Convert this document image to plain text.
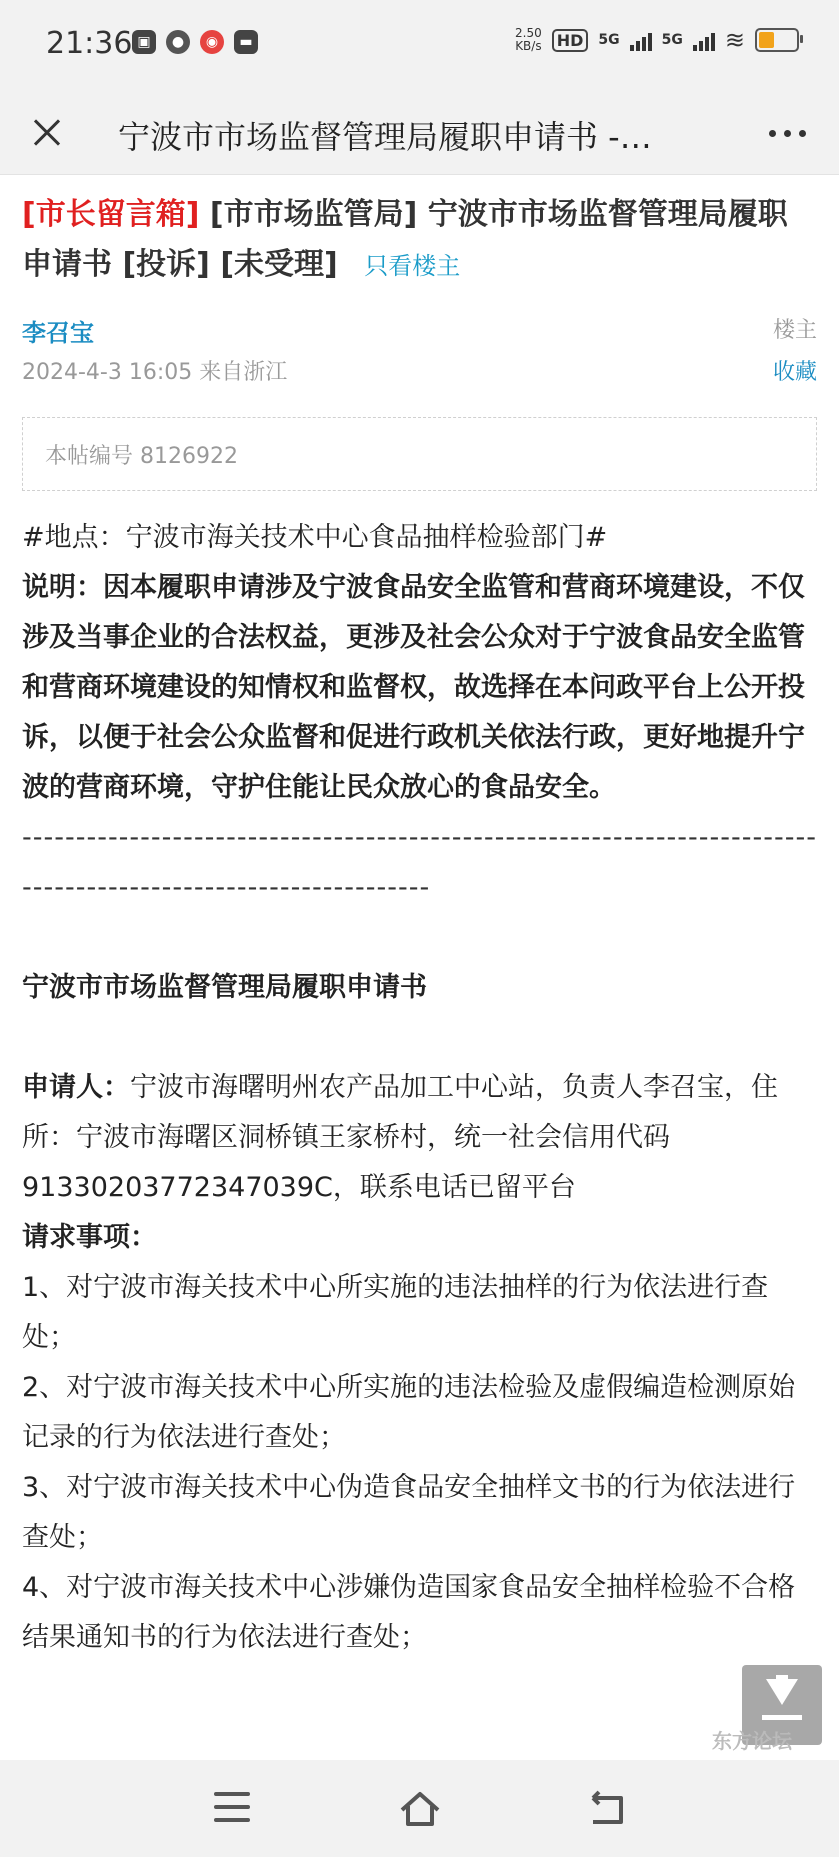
21:36 ▣	●	◉	▬
2.50
KB/s HD	5G	5G ≋
宁波市市场监督管理局履职申请书 -…
[市长留言箱] [市市场监管局] 宁波市市场监督管理局履职申请书 [投诉] [未受理] 只看楼主
李召宝
2024-4-3 16:05 来自浙江
楼主
收藏
本帖编号 8126922

#地点：宁波市海关技术中心食品抽样检验部门#

说明：因本履职申请涉及宁波食品安全监管和营商环境建设，不仅涉及当事企业的合法权益，更涉及社会公众对于宁波食品安全监管和营商环境建设的知情权和监督权，故选择在本问政平台上公开投诉，以便于社会公众监督和促进行政机关依法行政，更好地提升宁波的营商环境，守护住能让民众放心的食品安全。

----------------------------------------------------------------------------------------------------------------

宁波市市场监督管理局履职申请书

申请人：宁波市海曙明州农产品加工中心站，负责人李召宝，住所：宁波市海曙区洞桥镇王家桥村，统一社会信用代码91330203772347039C，联系电话已留平台

请求事项：

1、对宁波市海关技术中心所实施的违法抽样的行为依法进行查处；

2、对宁波市海关技术中心所实施的违法检验及虚假编造检测原始记录的行为依法进行查处；

3、对宁波市海关技术中心伪造食品安全抽样文书的行为依法进行查处；

4、对宁波市海关技术中心涉嫌伪造国家食品安全抽样检验不合格结果通知书的行为依法进行查处；

东方论坛
